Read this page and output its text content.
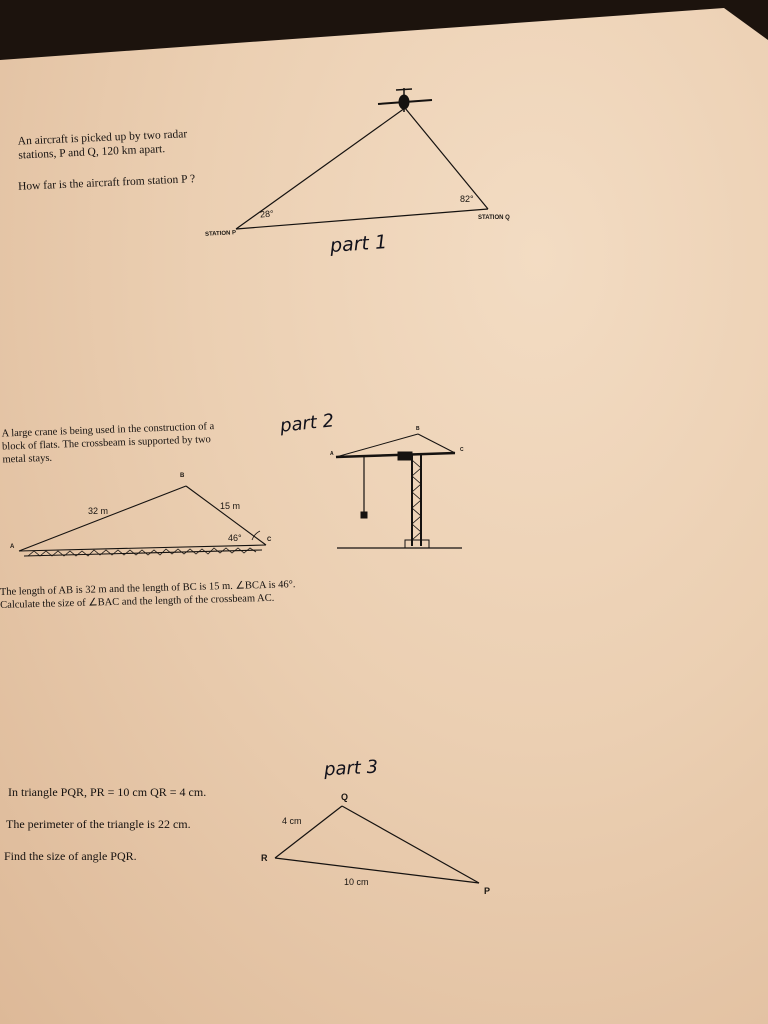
An aircraft is picked up by two radar
stations, P and Q, 120 km apart.
How far is the aircraft from station P ?
28°
82°
STATION P
STATION Q
part 1
A large crane is being used in the construction of a
block of flats. The crossbeam is supported by two
metal stays.
part 2
B
32 m	15 m
46°
A
C
B
C
A
The length of AB is 32 m and the length of BC is 15 m. ∠BCA is 46°.
Calculate the size of ∠BAC and the length of the crossbeam AC.
In triangle PQR, PR = 10 cm QR = 4 cm.
The perimeter of the triangle is 22 cm.
Find the size of angle PQR.
part 3
Q
4 cm
R
10 cm
P
